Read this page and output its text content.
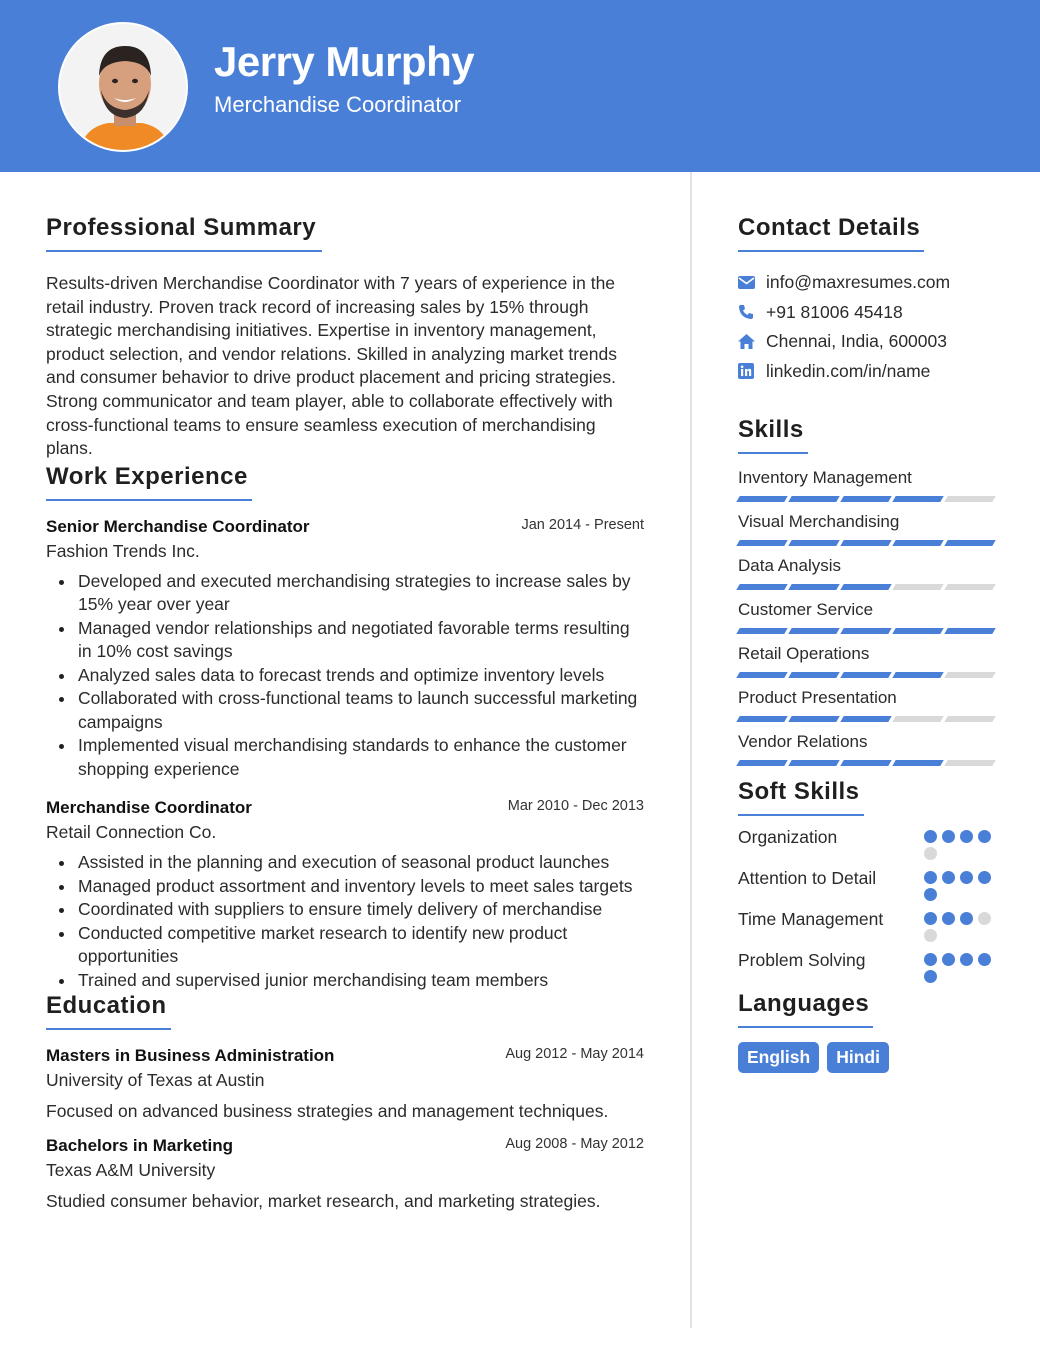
Jerry Murphy
Merchandise Coordinator
Professional Summary
Results-driven Merchandise Coordinator with 7 years of experience in the retail industry. Proven track record of increasing sales by 15% through strategic merchandising initiatives. Expertise in inventory management, product selection, and vendor relations. Skilled in analyzing market trends and consumer behavior to drive product placement and pricing strategies. Strong communicator and team player, able to collaborate effectively with cross-functional teams to ensure seamless execution of merchandising plans.
Work Experience
Senior Merchandise Coordinator	Jan 2014 - Present
Fashion Trends Inc.
Developed and executed merchandising strategies to increase sales by 15% year over year
Managed vendor relationships and negotiated favorable terms resulting in 10% cost savings
Analyzed sales data to forecast trends and optimize inventory levels
Collaborated with cross-functional teams to launch successful marketing campaigns
Implemented visual merchandising standards to enhance the customer shopping experience
Merchandise Coordinator	Mar 2010 - Dec 2013
Retail Connection Co.
Assisted in the planning and execution of seasonal product launches
Managed product assortment and inventory levels to meet sales targets
Coordinated with suppliers to ensure timely delivery of merchandise
Conducted competitive market research to identify new product opportunities
Trained and supervised junior merchandising team members
Education
Masters in Business Administration	Aug 2012 - May 2014
University of Texas at Austin
Focused on advanced business strategies and management techniques.
Bachelors in Marketing	Aug 2008 - May 2012
Texas A&M University
Studied consumer behavior, market research, and marketing strategies.
Contact Details
info@maxresumes.com
+91 81006 45418
Chennai, India, 600003
linkedin.com/in/name
Skills
Inventory Management
Visual Merchandising
Data Analysis
Customer Service
Retail Operations
Product Presentation
Vendor Relations
Soft Skills
Organization
Attention to Detail
Time Management
Problem Solving
Languages
English	Hindi
